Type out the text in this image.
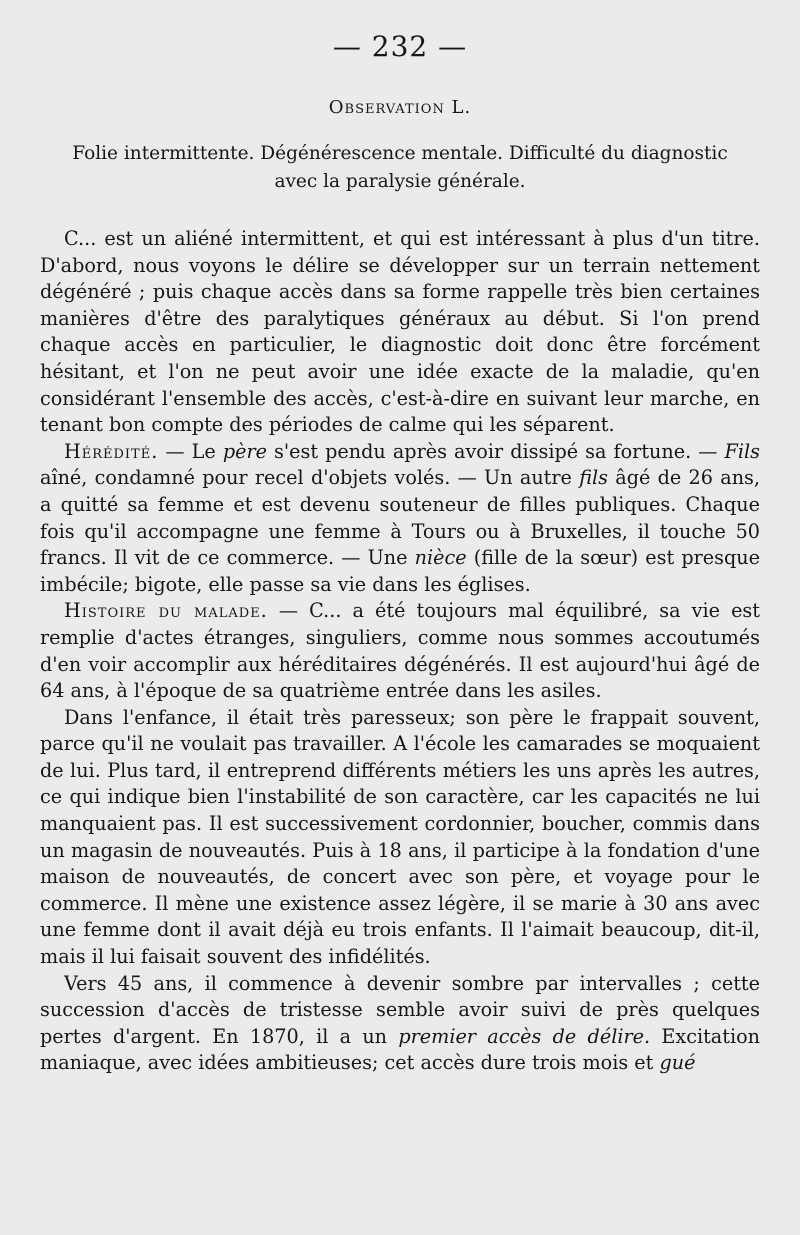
— 232 —
Observation L.
Folie intermittente. Dégénérescence mentale. Difficulté du diagnostic avec la paralysie générale.

C... est un aliéné intermittent, et qui est intéressant à plus d'un titre. D'abord, nous voyons le délire se développer sur un terrain nettement dégénéré ; puis chaque accès dans sa forme rappelle très bien certaines manières d'être des paralytiques généraux au début. Si l'on prend chaque accès en particulier, le diagnostic doit donc être forcément hésitant, et l'on ne peut avoir une idée exacte de la maladie, qu'en considérant l'ensemble des accès, c'est-à-dire en suivant leur marche, en tenant bon compte des périodes de calme qui les séparent.

Hérédité. — Le père s'est pendu après avoir dissipé sa fortune. — Fils aîné, condamné pour recel d'objets volés. — Un autre fils âgé de 26 ans, a quitté sa femme et est devenu souteneur de filles publiques. Chaque fois qu'il accompagne une femme à Tours ou à Bruxelles, il touche 50 francs. Il vit de ce commerce. — Une nièce (fille de la sœur) est presque imbécile; bigote, elle passe sa vie dans les églises.

Histoire du malade. — C... a été toujours mal équilibré, sa vie est remplie d'actes étranges, singuliers, comme nous sommes accoutumés d'en voir accomplir aux héréditaires dégénérés. Il est aujourd'hui âgé de 64 ans, à l'époque de sa quatrième entrée dans les asiles.

Dans l'enfance, il était très paresseux; son père le frappait souvent, parce qu'il ne voulait pas travailler. A l'école les camarades se moquaient de lui. Plus tard, il entreprend différents métiers les uns après les autres, ce qui indique bien l'instabilité de son caractère, car les capacités ne lui manquaient pas. Il est successivement cordonnier, boucher, commis dans un magasin de nouveautés. Puis à 18 ans, il participe à la fondation d'une maison de nouveautés, de concert avec son père, et voyage pour le commerce. Il mène une existence assez légère, il se marie à 30 ans avec une femme dont il avait déjà eu trois enfants. Il l'aimait beaucoup, dit-il, mais il lui faisait souvent des infidélités.

Vers 45 ans, il commence à devenir sombre par intervalles ; cette succession d'accès de tristesse semble avoir suivi de près quelques pertes d'argent. En 1870, il a un premier accès de délire. Excitation maniaque, avec idées ambitieuses; cet accès dure trois mois et gué
